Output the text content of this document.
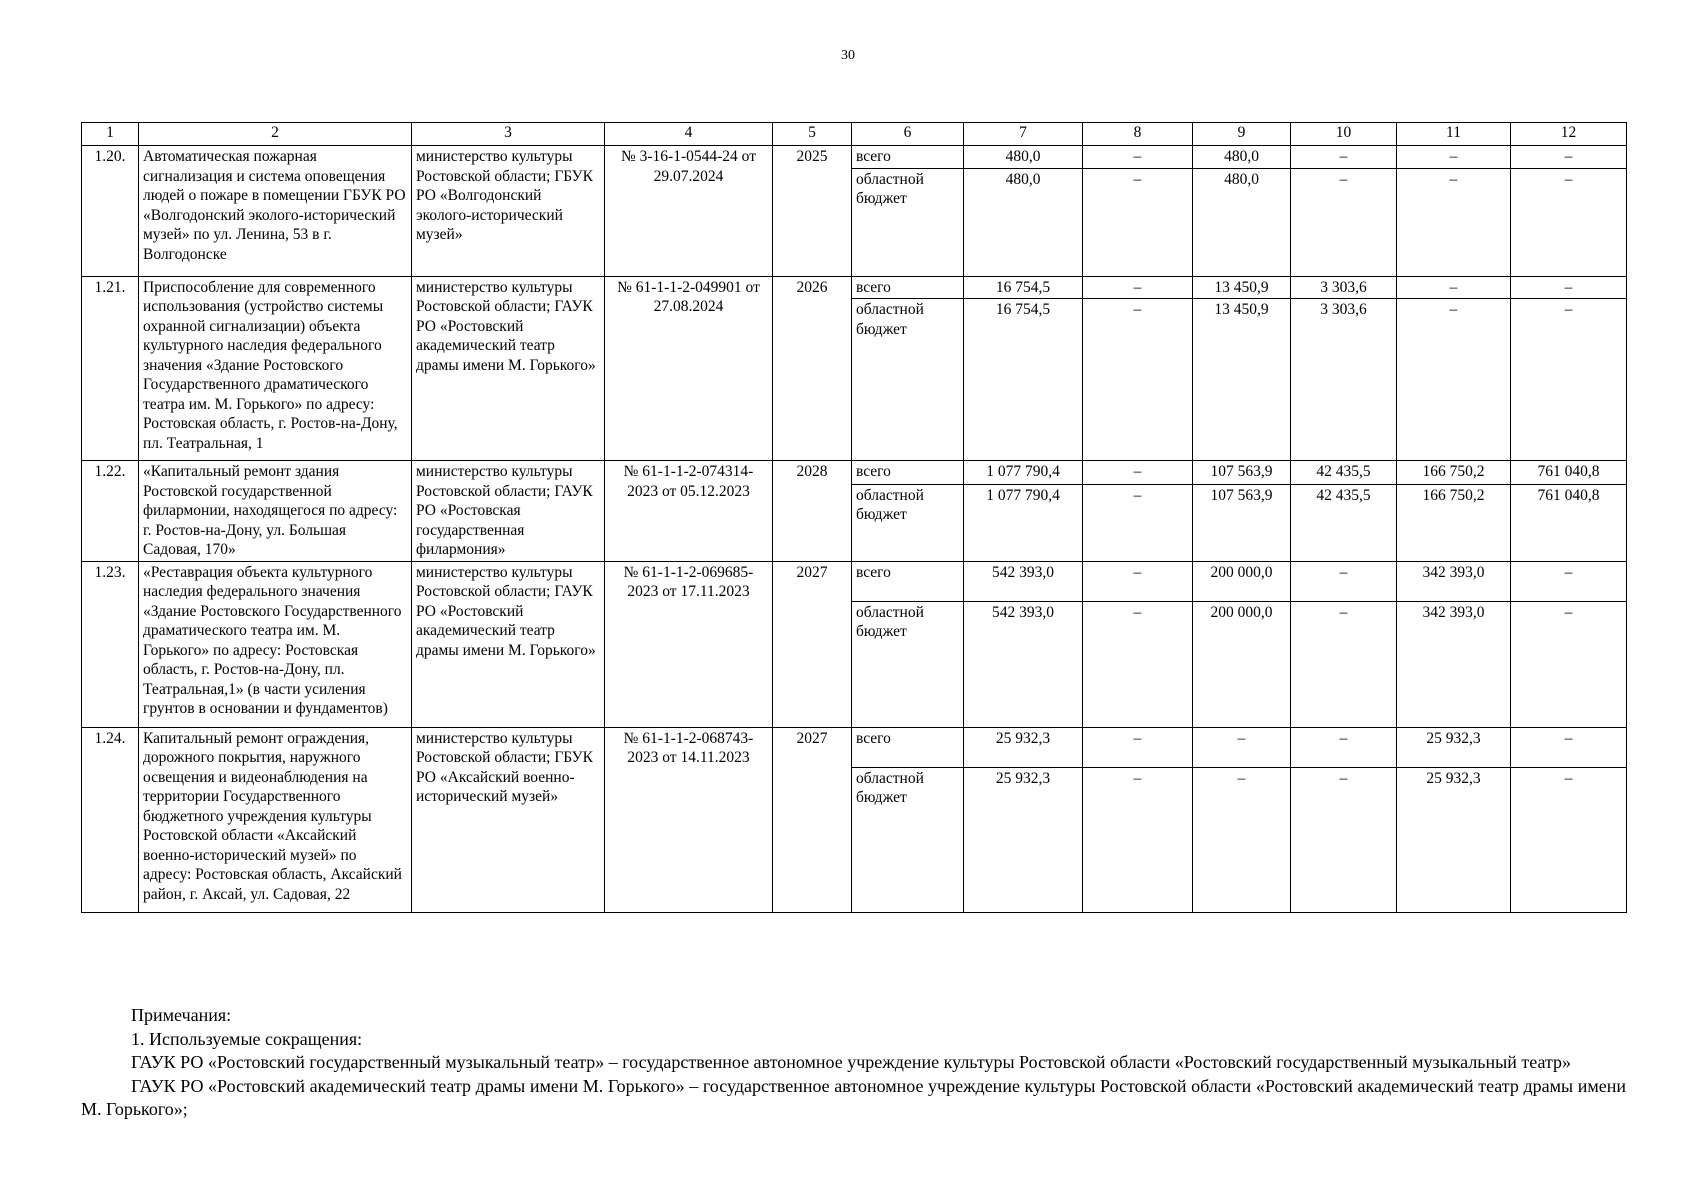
30
1	2	3	4	5	6	7	8	9	10	11	12
1.20.	Автоматическая пожарная сигнализация и система оповещения людей о пожаре в помещении ГБУК РО «Волгодонский эколого-исторический музей» по ул. Ленина, 53 в г. Волгодонске	министерство культуры Ростовской области; ГБУК РО «Волгодонский эколого-исторический музей»	№ 3-16-1-0544-24 от 29.07.2024	2025	всего	480,0	–	480,0	–	–	–
					областной бюджет	480,0	–	480,0	–	–	–
1.21.	Приспособление для современного использования (устройство системы охранной сигнализации) объекта культурного наследия федерального значения «Здание Ростовского Государственного драматического театра им. М. Горького» по адресу: Ростовская область, г. Ростов-на-Дону, пл. Театральная, 1	министерство культуры Ростовской области; ГАУК РО «Ростовский академический театр драмы имени М. Горького»	№ 61-1-1-2-049901 от 27.08.2024	2026	всего	16 754,5	–	13 450,9	3 303,6	–	–
					областной бюджет	16 754,5	–	13 450,9	3 303,6	–	–
1.22.	«Капитальный ремонт здания Ростовской государственной филармонии, находящегося по адресу: г. Ростов-на-Дону, ул. Большая Садовая, 170»	министерство культуры Ростовской области; ГАУК РО «Ростовская государственная филармония»	№ 61-1-1-2-074314-2023 от 05.12.2023	2028	всего	1 077 790,4	–	107 563,9	42 435,5	166 750,2	761 040,8
					областной бюджет	1 077 790,4	–	107 563,9	42 435,5	166 750,2	761 040,8
1.23.	«Реставрация объекта культурного наследия федерального значения «Здание Ростовского Государственного драматического театра им. М. Горького» по адресу: Ростовская область, г. Ростов-на-Дону, пл. Театральная,1» (в части усиления грунтов в основании и фундаментов)	министерство культуры Ростовской области; ГАУК РО «Ростовский академический театр драмы имени М. Горького»	№ 61-1-1-2-069685-2023 от 17.11.2023	2027	всего	542 393,0	–	200 000,0	–	342 393,0	–
					областной бюджет	542 393,0	–	200 000,0	–	342 393,0	–
1.24.	Капитальный ремонт ограждения, дорожного покрытия, наружного освещения и видеонаблюдения на территории Государственного бюджетного учреждения культуры Ростовской области «Аксайский военно-исторический музей» по адресу: Ростовская область, Аксайский район, г. Аксай, ул. Садовая, 22	министерство культуры Ростовской области; ГБУК РО «Аксайский военно-исторический музей»	№ 61-1-1-2-068743-2023 от 14.11.2023	2027	всего	25 932,3	–	–	–	25 932,3	–
					областной бюджет	25 932,3	–	–	–	25 932,3	–

Примечания:

1. Используемые сокращения:

ГАУК РО «Ростовский государственный музыкальный театр» – государственное автономное учреждение культуры Ростовской области «Ростовский государственный музыкальный театр»

ГАУК РО «Ростовский академический театр драмы имени М. Горького» – государственное автономное учреждение культуры Ростовской области «Ростовский академический театр драмы имени М. Горького»;
